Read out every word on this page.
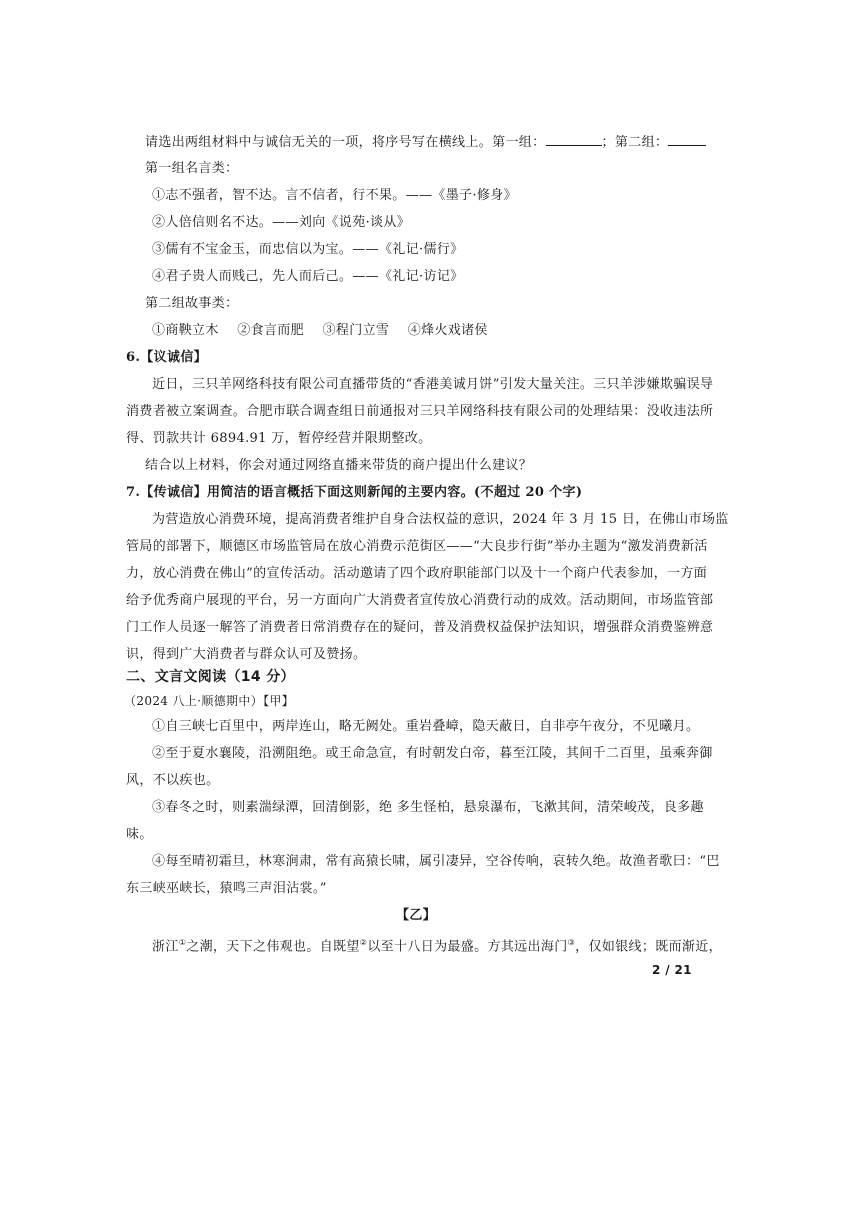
请选出两组材料中与诚信无关的一项，将序号写在横线上。第一组：	；第二组：

第一组名言类：

①志不强者，智不达。言不信者，行不果。——《墨子·修身》

②人倍信则名不达。——刘向《说苑·谈从》

③儒有不宝金玉，而忠信以为宝。——《礼记·儒行》

④君子贵人而贱己，先人而后己。——《礼记·访记》

第二组故事类：

①商鞅立木 ②食言而肥 ③程门立雪 ④烽火戏诸侯

6.【议诚信】

近日，三只羊网络科技有限公司直播带货的“香港美诚月饼”引发大量关注。三只羊涉嫌欺骗误导

消费者被立案调查。合肥市联合调查组日前通报对三只羊网络科技有限公司的处理结果：没收违法所

得、罚款共计 6894.91 万，暂停经营并限期整改。

结合以上材料，你会对通过网络直播来带货的商户提出什么建议？

7.【传诚信】用简洁的语言概括下面这则新闻的主要内容。(不超过 20 个字)

为营造放心消费环境，提高消费者维护自身合法权益的意识，2024 年 3 月 15 日，在佛山市场监

管局的部署下，顺德区市场监管局在放心消费示范街区——“大良步行街”举办主题为“激发消费新活

力，放心消费在佛山”的宣传活动。活动邀请了四个政府职能部门以及十一个商户代表参加，一方面

给予优秀商户展现的平台，另一方面向广大消费者宣传放心消费行动的成效。活动期间，市场监管部

门工作人员逐一解答了消费者日常消费存在的疑问，普及消费权益保护法知识，增强群众消费鉴辨意

识，得到广大消费者与群众认可及赞扬。

二、文言文阅读（14 分）

（2024 八上·顺德期中）【甲】

①自三峡七百里中，两岸连山，略无阙处。重岩叠嶂，隐天蔽日，自非亭午夜分，不见曦月。

②至于夏水襄陵，沿溯阻绝。或王命急宣，有时朝发白帝，暮至江陵，其间千二百里，虽乘奔御

风，不以疾也。

③春冬之时，则素湍绿潭，回清倒影，绝 多生怪柏，悬泉瀑布，飞漱其间，清荣峻茂，良多趣

味。

④每至晴初霜旦，林寒涧肃，常有高猿长啸，属引凄异，空谷传响，哀转久绝。故渔者歌曰：“巴

东三峡巫峡长，猿鸣三声泪沾裳。”

【乙】

浙江①之潮，天下之伟观也。自既望②以至十八日为最盛。方其远出海门③，仅如银线；既而渐近，

2 / 21
